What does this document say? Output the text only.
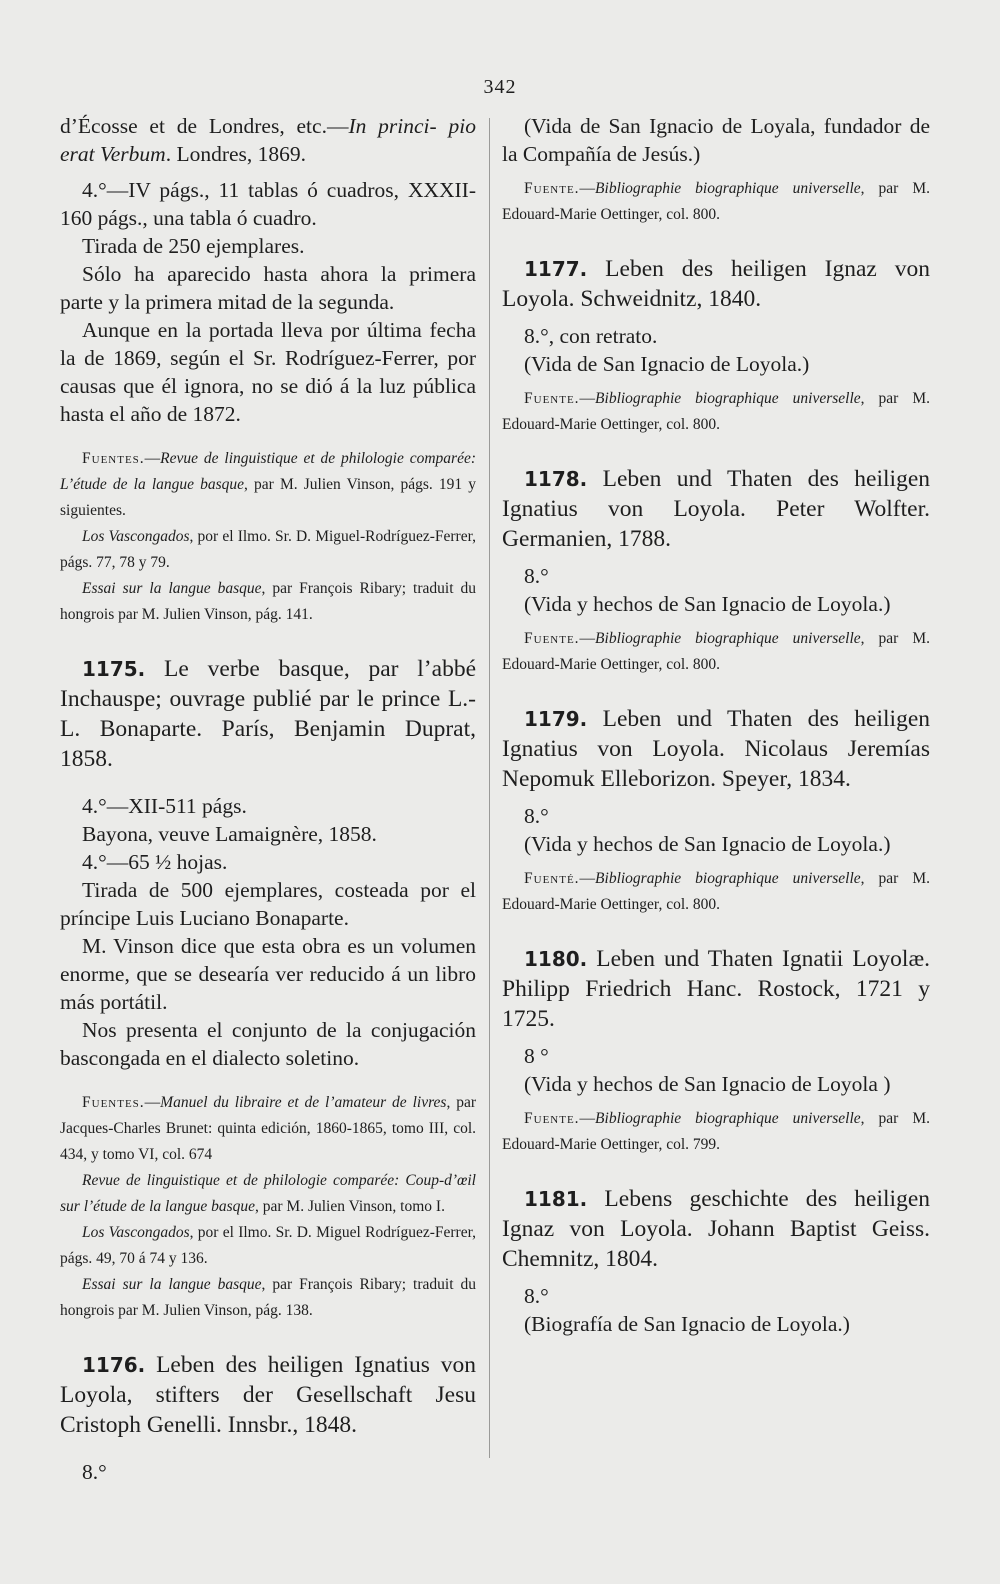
342

d’Écosse et de Londres, etc.—In princi- pio erat Verbum. Londres, 1869.

4.°—IV págs., 11 tablas ó cuadros, XXXII-160 págs., una tabla ó cuadro.

Tirada de 250 ejemplares.

Sólo ha aparecido hasta ahora la primera parte y la primera mitad de la segunda.

Aunque en la portada lleva por última fecha la de 1869, según el Sr. Rodríguez-Ferrer, por causas que él ignora, no se dió á la luz pública hasta el año de 1872.

Fuentes.—Revue de linguistique et de philologie comparée: L’étude de la langue basque, par M. Julien Vinson, págs. 191 y siguientes.

Los Vascongados, por el Ilmo. Sr. D. Miguel-Rodríguez-Ferrer, págs. 77, 78 y 79.

Essai sur la langue basque, par François Ribary; traduit du hongrois par M. Julien Vinson, pág. 141.

1175. Le verbe basque, par l’abbé Inchauspe; ouvrage publié par le prince L.-L. Bonaparte. París, Benjamin Duprat, 1858.

4.°—XII-511 págs.

Bayona, veuve Lamaignère, 1858.

4.°—65 ½ hojas.

Tirada de 500 ejemplares, costeada por el príncipe Luis Luciano Bonaparte.

M. Vinson dice que esta obra es un volumen enorme, que se desearía ver reducido á un libro más portátil.

Nos presenta el conjunto de la conjugación bascongada en el dialecto soletino.

Fuentes.—Manuel du libraire et de l’amateur de livres, par Jacques-Charles Brunet: quinta edición, 1860-1865, tomo III, col. 434, y tomo VI, col. 674

Revue de linguistique et de philologie comparée: Coup-d’œil sur l’étude de la langue basque, par M. Julien Vinson, tomo I.

Los Vascongados, por el Ilmo. Sr. D. Miguel Rodríguez-Ferrer, págs. 49, 70 á 74 y 136.

Essai sur la langue basque, par François Ribary; traduit du hongrois par M. Julien Vinson, pág. 138.

1176. Leben des heiligen Ignatius von Loyola, stifters der Gesellschaft Jesu Cristoph Genelli. Innsbr., 1848.

8.°

(Vida de San Ignacio de Loyala, fundador de la Compañía de Jesús.)

Fuente.—Bibliographie biographique universelle, par M. Edouard-Marie Oettinger, col. 800.

1177. Leben des heiligen Ignaz von Loyola. Schweidnitz, 1840.

8.°, con retrato.

(Vida de San Ignacio de Loyola.)

Fuente.—Bibliographie biographique universelle, par M. Edouard-Marie Oettinger, col. 800.

1178. Leben und Thaten des heiligen Ignatius von Loyola. Peter Wolfter. Germanien, 1788.

8.°

(Vida y hechos de San Ignacio de Loyola.)

Fuente.—Bibliographie biographique universelle, par M. Edouard-Marie Oettinger, col. 800.

1179. Leben und Thaten des heiligen Ignatius von Loyola. Nicolaus Jeremías Nepomuk Elleborizon. Speyer, 1834.

8.°

(Vida y hechos de San Ignacio de Loyola.)

Fuenté.—Bibliographie biographique universelle, par M. Edouard-Marie Oettinger, col. 800.

1180. Leben und Thaten Ignatii Loyolæ. Philipp Friedrich Hanc. Rostock, 1721 y 1725.

8 °

(Vida y hechos de San Ignacio de Loyola )

Fuente.—Bibliographie biographique universelle, par M. Edouard-Marie Oettinger, col. 799.

1181. Lebens geschichte des heiligen Ignaz von Loyola. Johann Baptist Geiss. Chemnitz, 1804.

8.°

(Biografía de San Ignacio de Loyola.)
